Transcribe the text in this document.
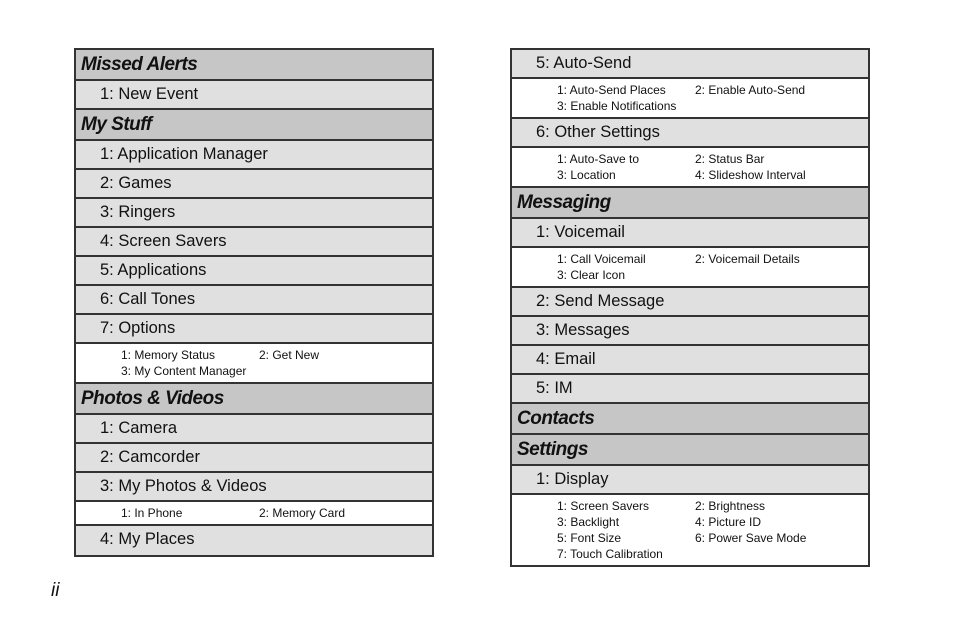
Missed Alerts
1: New Event
My Stuff
1: Application Manager
2: Games
3: Ringers
4: Screen Savers
5: Applications
6: Call Tones
7: Options
1: Memory Status	2: Get New
3: My Content Manager
Photos & Videos
1: Camera
2: Camcorder
3: My Photos & Videos
1: In Phone	2: Memory Card
4: My Places
5: Auto-Send
1: Auto-Send Places	2: Enable Auto-Send
3: Enable Notifications
6: Other Settings
1: Auto-Save to	2: Status Bar
3: Location	4: Slideshow Interval
Messaging
1: Voicemail
1: Call Voicemail	2: Voicemail Details
3: Clear Icon
2: Send Message
3: Messages
4: Email
5: IM
Contacts
Settings
1: Display
1: Screen Savers	2: Brightness
3: Backlight	4: Picture ID
5: Font Size	6: Power Save Mode
7: Touch Calibration
ii
